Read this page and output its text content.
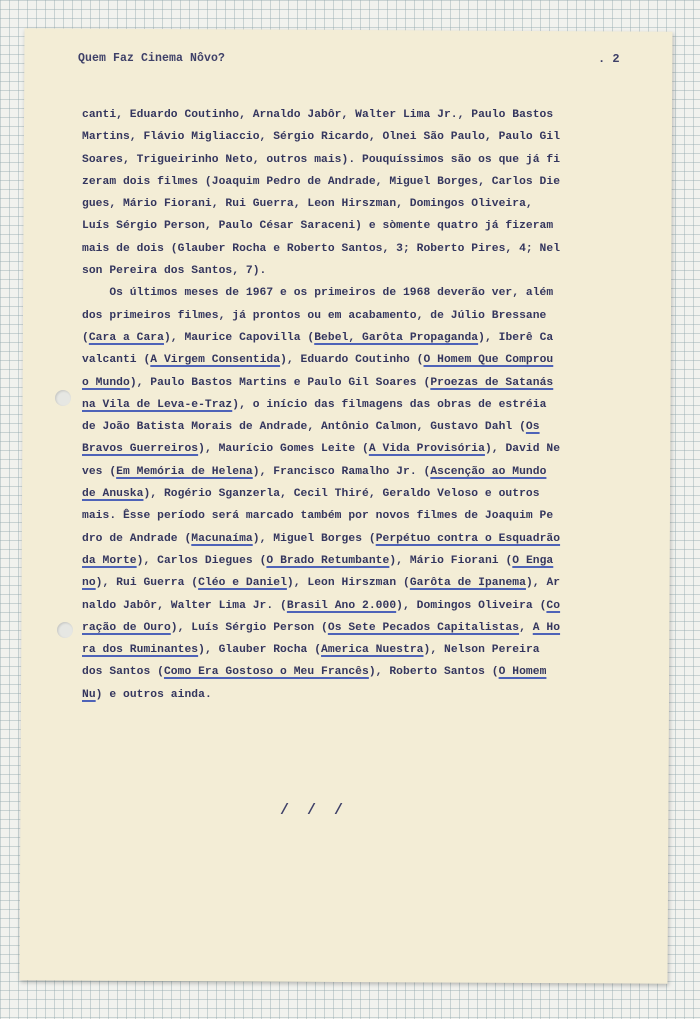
Quem Faz Cinema Nôvo?	. 2
canti, Eduardo Coutinho, Arnaldo Jabôr, Walter Lima Jr., Paulo Bastos
Martins, Flávio Migliaccio, Sérgio Ricardo, Olnei São Paulo, Paulo Gil
Soares, Trigueirinho Neto, outros mais). Pouquíssimos são os que já fi
zeram dois filmes (Joaquim Pedro de Andrade, Miguel Borges, Carlos Die
gues, Mário Fiorani, Rui Guerra, Leon Hirszman, Domingos Oliveira,
Luís Sérgio Person, Paulo César Saraceni) e sòmente quatro já fizeram
mais de dois (Glauber Rocha e Roberto Santos, 3; Roberto Pires, 4; Nel
son Pereira dos Santos, 7).
Os últimos meses de 1967 e os primeiros de 1968 deverão ver, além
dos primeiros filmes, já prontos ou em acabamento, de Júlio Bressane
(Cara a Cara), Maurice Capovilla (Bebel, Garôta Propaganda), Iberê Ca
valcanti (A Virgem Consentida), Eduardo Coutinho (O Homem Que Comprou
o Mundo), Paulo Bastos Martins e Paulo Gil Soares (Proezas de Satanás
na Vila de Leva-e-Traz), o início das filmagens das obras de estréia
de João Batista Morais de Andrade, Antônio Calmon, Gustavo Dahl (Os
Bravos Guerreiros), Maurício Gomes Leite (A Vida Provisória), David Ne
ves (Em Memória de Helena), Francisco Ramalho Jr. (Ascenção ao Mundo
de Anuska), Rogério Sganzerla, Cecil Thiré, Geraldo Veloso e outros
mais. Êsse período será marcado também por novos filmes de Joaquim Pe
dro de Andrade (Macunaíma), Miguel Borges (Perpétuo contra o Esquadrão
da Morte), Carlos Diegues (O Brado Retumbante), Mário Fiorani (O Enga
no), Rui Guerra (Cléo e Daniel), Leon Hirszman (Garôta de Ipanema), Ar
naldo Jabôr, Walter Lima Jr. (Brasil Ano 2.000), Domingos Oliveira (Co
ração de Ouro), Luís Sérgio Person (Os Sete Pecados Capitalistas, A Ho
ra dos Ruminantes), Glauber Rocha (America Nuestra), Nelson Pereira
dos Santos (Como Era Gostoso o Meu Francês), Roberto Santos (O Homem
Nu) e outros ainda.
/  /  /
